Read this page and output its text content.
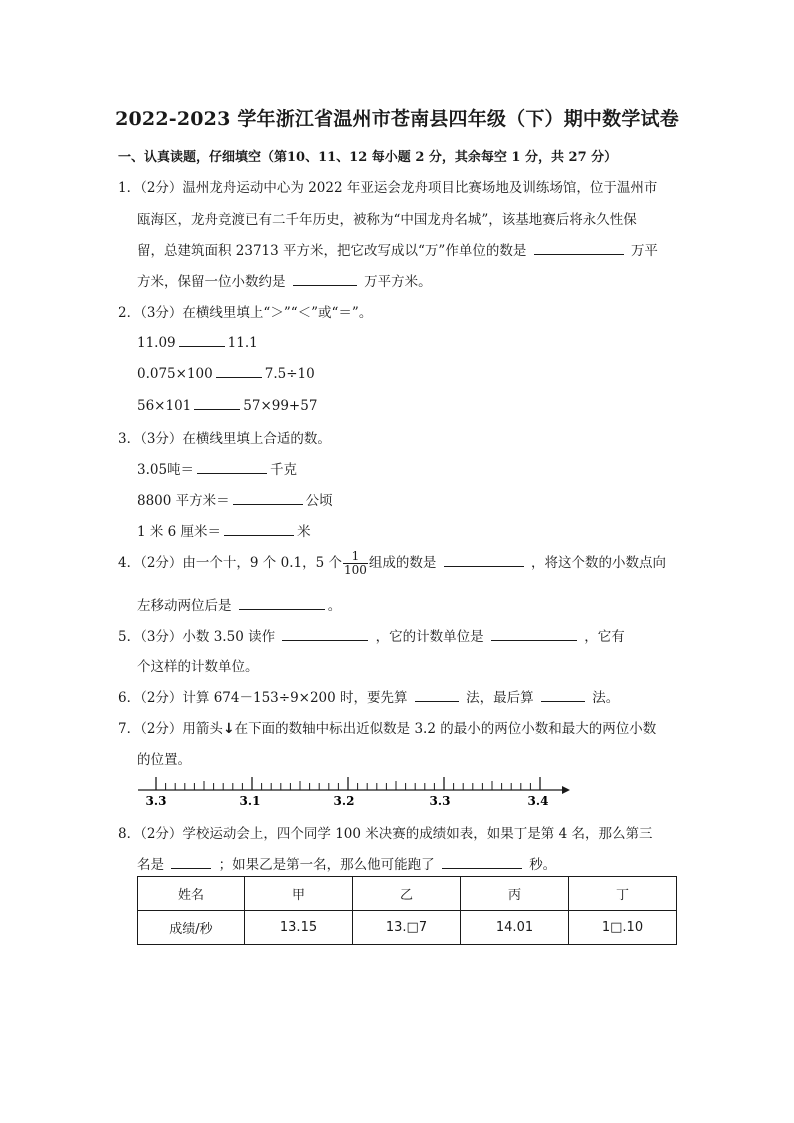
2022-2023 学年浙江省温州市苍南县四年级（下）期中数学试卷
一、认真读题，仔细填空（第10、11、12 每小题 2 分，其余每空 1 分，共 27 分）
1．（2分）温州龙舟运动中心为 2022 年亚运会龙舟项目比赛场地及训练场馆，位于温州市
瓯海区，龙舟竞渡已有二千年历史，被称为“中国龙舟名城”，该基地赛后将永久性保
留，总建筑面积 23713 平方米，把它改写成以“万”作单位的数是	万平
方米，保留一位小数约是	万平方米。
2．（3分）在横线里填上“＞”“＜”或“＝”。
11.09	11.1
0.075×100	7.5÷10
56×101	57×99+57
3．（3分）在横线里填上合适的数。
3.05吨＝	千克
8800 平方米＝	公顷
1 米 6 厘米＝	米
4．（2分）由一个十，9 个 0.1，5 个 $\frac{1}{100}$ 组成的数是	，将这个数的小数点向
左移动两位后是	。
5．（3分）小数 3.50 读作	，它的计数单位是	，它有
个这样的计数单位。
6．（2分）计算 674－153÷9×200 时，要先算	法，最后算	法。
7．（2分）用箭头↓在下面的数轴中标出近似数是 3.2 的最小的两位小数和最大的两位小数
的位置。
3.3	3.1	3.2	3.3	3.4
8．（2分）学校运动会上，四个同学 100 米决赛的成绩如表，如果丁是第 4 名，那么第三
名是	；如果乙是第一名，那么他可能跑了	秒。
姓名	甲	乙	丙	丁
成绩/秒	13.15	13.□7	14.01	1□.10
